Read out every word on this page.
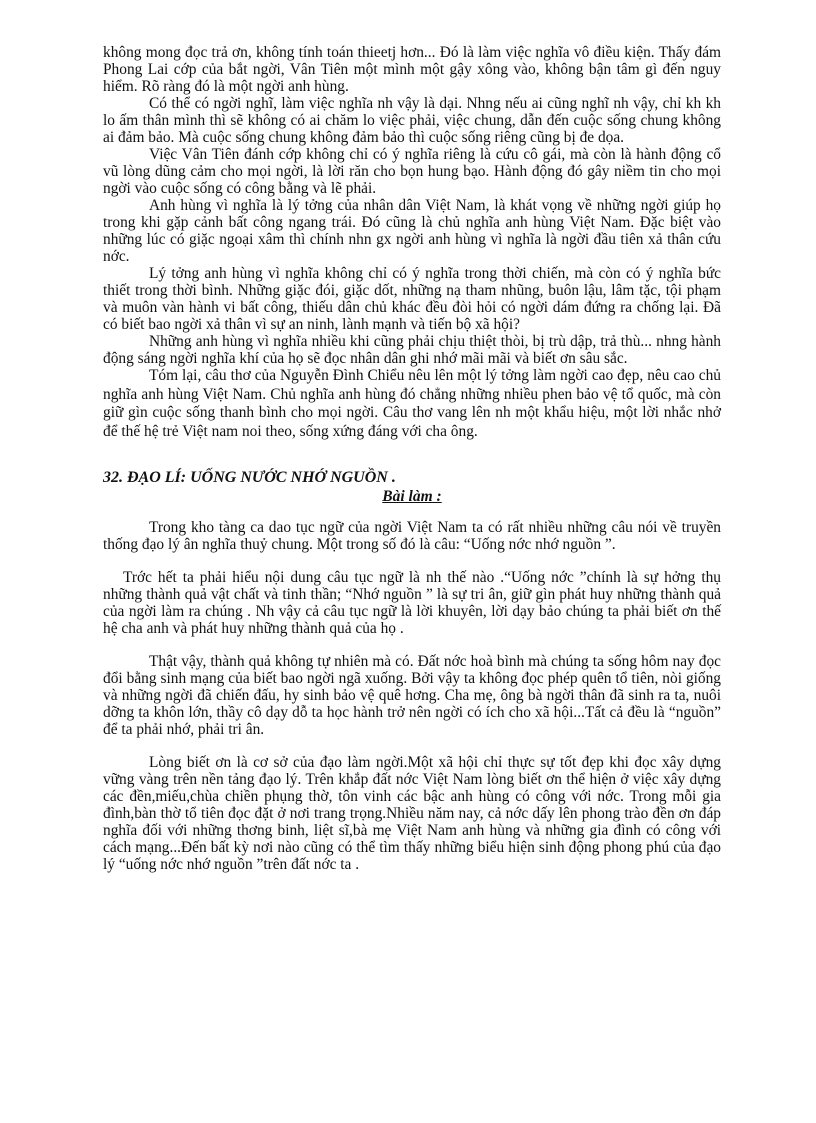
không mong đọc trả ơn, không tính toán thieetj hơn... Đó là làm việc nghĩa vô điều kiện. Thấy đám Phong Lai cớp của bắt ngời, Vân Tiên một mình một gậy xông vào, không bận tâm gì đến nguy hiểm. Rõ ràng đó là một ngời anh hùng.

Có thể có ngời nghĩ, làm việc nghĩa nh vậy là dại. Nhng nếu ai cũng nghĩ nh vậy, chỉ kh kh lo ấm thân mình thì sẽ không có ai chăm lo việc phải, việc chung, dẫn đến cuộc sống chung không ai đảm bảo. Mà cuộc sống chung không đảm bảo thì cuộc sống riêng cũng bị đe dọa.

Việc Vân Tiên đánh cớp không chỉ có ý nghĩa riêng là cứu cô gái, mà còn là hành động cổ vũ lòng dũng cảm cho mọi ngời, là lời răn cho bọn hung bạo. Hành động đó gây niềm tin cho mọi ngời vào cuộc sống có công bằng và lẽ phải.

Anh hùng vì nghĩa là lý tởng của nhân dân Việt Nam, là khát vọng về những ngời giúp họ trong khi gặp cảnh bất công ngang trái. Đó cũng là chủ nghĩa anh hùng Việt Nam. Đặc biệt vào những lúc có giặc ngoại xâm thì chính nhn gx ngời anh hùng vì nghĩa là ngời đầu tiên xả thân cứu nớc.

Lý tởng anh hùng vì nghĩa không chỉ có ý nghĩa trong thời chiến, mà còn có ý nghĩa bức thiết trong thời bình. Những giặc đói, giặc dốt, những nạ tham nhũng, buôn lậu, lâm tặc, tội phạm và muôn vàn hành vi bất công, thiếu dân chủ khác đều đòi hỏi có ngời dám đứng ra chống lại. Đã có biết bao ngời xả thân vì sự an ninh, lành mạnh và tiến bộ xã hội?

Những anh hùng vì nghĩa nhiều khi cũng phải chịu thiệt thòi, bị trù dập, trả thù... nhng hành động sáng ngời nghĩa khí của họ sẽ đọc nhân dân ghi nhớ mãi mãi và biết ơn sâu sắc.

Tóm lại, câu thơ của Nguyễn Đình Chiểu nêu lên một lý tởng làm ngời cao đẹp, nêu cao chủ nghĩa anh hùng Việt Nam. Chủ nghĩa anh hùng đó chẳng những nhiều phen bảo vệ tổ quốc, mà còn giữ gìn cuộc sống thanh bình cho mọi ngời. Câu thơ vang lên nh một khẩu hiệu, một lời nhắc nhở để thế hệ trẻ Việt nam noi theo, sống xứng đáng với cha ông.

32. ĐẠO LÍ: UỐNG NƯỚC NHỚ NGUỒN .

Bài làm :

Trong kho tàng ca dao tục ngữ của ngời Việt Nam ta có rất nhiều những câu nói về truyền thống đạo lý ân nghĩa thuỷ chung. Một trong số đó là câu: “Uống nớc nhớ nguồn ”.

Trớc hết ta phải hiểu nội dung câu tục ngữ là nh thế nào .“Uống nớc ”chính là sự hởng thụ những thành quả vật chất và tinh thần; “Nhớ nguồn ” là sự tri ân, giữ gìn phát huy những thành quả của ngời làm ra chúng . Nh vậy cả câu tục ngữ là lời khuyên, lời dạy bảo chúng ta phải biết ơn thế hệ cha anh và phát huy những thành quả của họ .

Thật vậy, thành quả không tự nhiên mà có. Đất nớc hoà bình mà chúng ta sống hôm nay đọc đổi bằng sinh mạng của biết bao ngời ngã xuống. Bởi vậy ta không đọc phép quên tổ tiên, nòi giống và những ngời đã chiến đấu, hy sinh bảo vệ quê hơng. Cha mẹ, ông bà ngời thân đã sinh ra ta, nuôi dỡng ta khôn lớn, thầy cô dạy dỗ ta học hành trở nên ngời có ích cho xã hội...Tất cả đều là “nguồn” để ta phải nhớ, phải tri ân.

Lòng biết ơn là cơ sở của đạo làm ngời.Một xã hội chỉ thực sự tốt đẹp khi đọc xây dựng vững vàng trên nền tảng đạo lý. Trên khắp đất nớc Việt Nam lòng biết ơn thể hiện ở việc xây dựng các đền,miếu,chùa chiền phụng thờ, tôn vinh các bậc anh hùng có công với nớc. Trong mỗi gia đình,bàn thờ tổ tiên đọc đặt ở nơi trang trọng.Nhiều năm nay, cả nớc dấy lên phong trào đền ơn đáp nghĩa đối với những thơng binh, liệt sĩ,bà mẹ Việt Nam anh hùng và những gia đình có công với cách mạng...Đến bất kỳ nơi nào cũng có thể tìm thấy những biểu hiện sinh động phong phú của đạo lý “uống nớc nhớ nguồn ”trên đất nớc ta .
